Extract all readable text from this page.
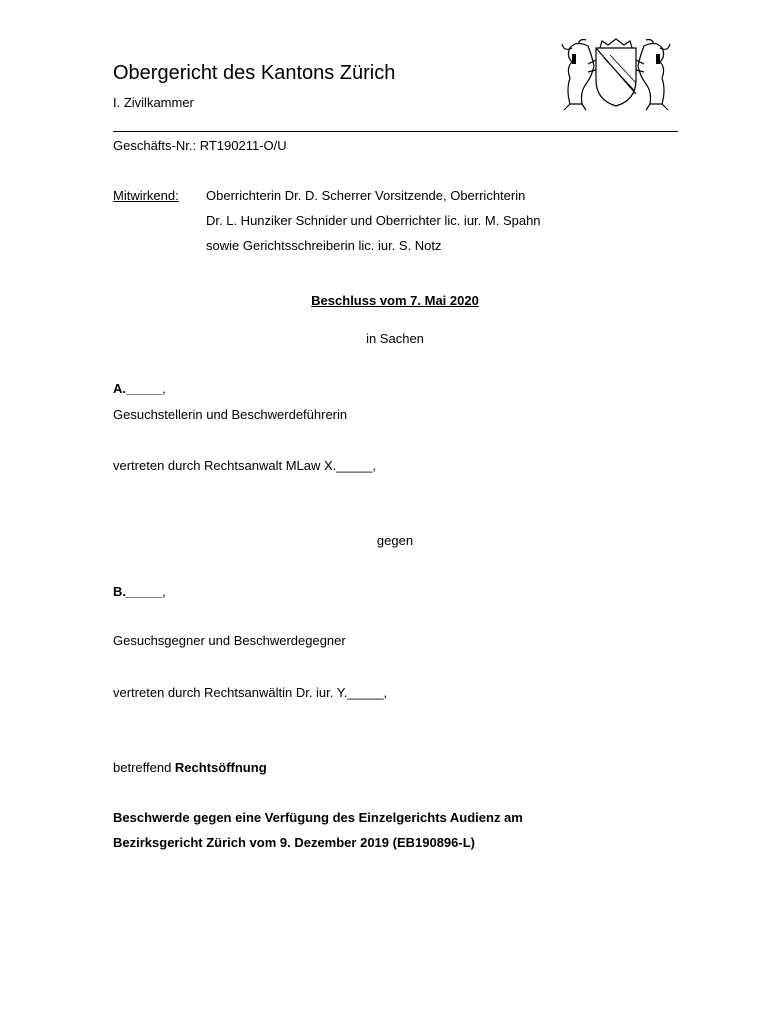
Obergericht des Kantons Zürich
I. Zivilkammer
Geschäfts-Nr.: RT190211-O/U
Mitwirkend: Oberrichterin Dr. D. Scherrer Vorsitzende, Oberrichterin
Dr. L. Hunziker Schnider und Oberrichter lic. iur. M. Spahn
sowie Gerichtsschreiberin lic. iur. S. Notz
Beschluss vom 7. Mai 2020
in Sachen
A._____,
Gesuchstellerin und Beschwerdeführerin
vertreten durch Rechtsanwalt MLaw X._____,
gegen
B._____,
Gesuchsgegner und Beschwerdegegner
vertreten durch Rechtsanwältin Dr. iur. Y._____,
betreffend Rechtsöffnung
Beschwerde gegen eine Verfügung des Einzelgerichts Audienz am
Bezirksgericht Zürich vom 9. Dezember 2019 (EB190896-L)
